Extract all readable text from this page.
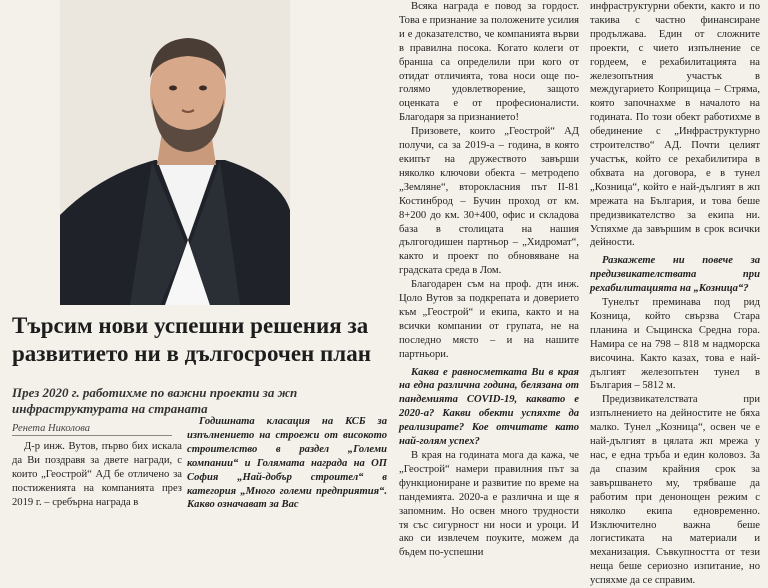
Търсим нови успешни решения за развитието ни в дългосрочен план

През 2020 г. работихме по важни проекти за жп инфраструктурата на страната

Ренета Николова

Д-р инж. Вутов, първо бих искала да Ви поздравя за двете награди, с които „Геострой“ АД бе отличено за постиженията на компанията през 2019 г. – сребърна награда в

Годишната класация на КСБ за изпълнението на строежи от високото строителство в раздел „Големи компании“ и Голямата награда на ОП София „Най-добър строител“ в категория „Много големи предприятия“. Какво означават за Вас

Всяка награда е повод за гордост. Това е признание за положените усилия и е доказателство, че компанията върви в правилна посока. Когато колеги от бранша са определили при кого от отидат отличията, това носи още по-голямо удовлетворение, защото оценката е от професионалисти. Благодаря за признанието!

Призовете, които „Геострой“ АД получи, са за 2019-а – година, в която екипът на дружеството завърши няколко ключови обекта – метродепо „Земляне“, второкласния път II-81 Костинброд – Бучин проход от км. 8+200 до км. 30+400, офис и складова база в столицата на нашия дългогодишен партньор – „Хидромат“, както и проект по обновяване на градската среда в Лом.

Благодарен съм на проф. дтн инж. Цоло Вутов за подкрепата и доверието към „Геострой“ и екипа, както и на всички компании от групата, не на последно място – и на нашите партньори.

Каква е равносметката Ви в края на една различна година, белязана от пандемията COVID-19, каквато е 2020-а? Какви обекти успяхте да реализирате? Кое отчитате като най-голям успех?

В края на годината мога да кажа, че „Геострой“ намери правилния път за функциониране и развитие по време на пандемията. 2020-а е различна и ще я запомним. Но освен много трудности тя със сигурност ни носи и уроци. И ако си извлечем поуките, можем да бъдем по-успешни

инфраструктурни обекти, както и по такива с частно финансиране продължава. Един от сложните проекти, с чието изпълнение се гордеем, е рехабилитацията на железопътния участък в междугарието Коприщица – Стряма, която започнахме в началото на годината. По този обект работихме в обединение с „Инфраструктурно строителство“ АД. Почти целият участък, който се рехабилитира в обхвата на договора, е в тунел „Козница“, който е най-дългият в жп мрежата на България, и това беше предизвикателство за екипа ни. Успяхме да завършим в срок всички дейности.

Разкажете ни повече за предизвикателствата при рехабилитацията на „Козница“?

Тунелът преминава под рид Козница, който свързва Стара планина и Същинска Средна гора. Намира се на 798 – 818 м надморска височина. Както казах, това е най-дългият железопътен тунел в България – 5812 м.

Предизвикателствата при изпълнението на дейностите не бяха малко. Тунел „Козница“, освен че е най-дългият в цялата жп мрежа у нас, е една тръба и един коловоз. За да спазим крайния срок за завършването му, трябваше да работим при денонощен режим с няколко екипа едновременно. Изключително важна беше логистиката на материали и механизация. Съвкупността от тези неща беше сериозно изпитание, но успяхме да се справим.
